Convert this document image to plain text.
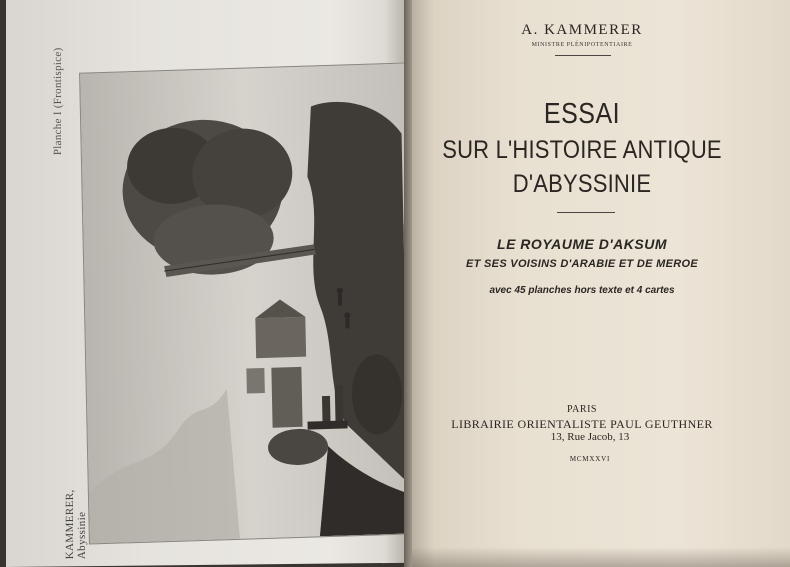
Planche I (Frontispice)
KAMMERER, Abyssinie
A. KAMMERER
MINISTRE PLÉNIPOTENTIAIRE
ESSAI
SUR L'HISTOIRE ANTIQUE
D'ABYSSINIE
LE ROYAUME D'AKSUM
ET SES VOISINS D'ARABIE ET DE MEROE
avec 45 planches hors texte et 4 cartes
PARIS
LIBRAIRIE ORIENTALISTE PAUL GEUTHNER
13, Rue Jacob, 13
MCMXXVI
